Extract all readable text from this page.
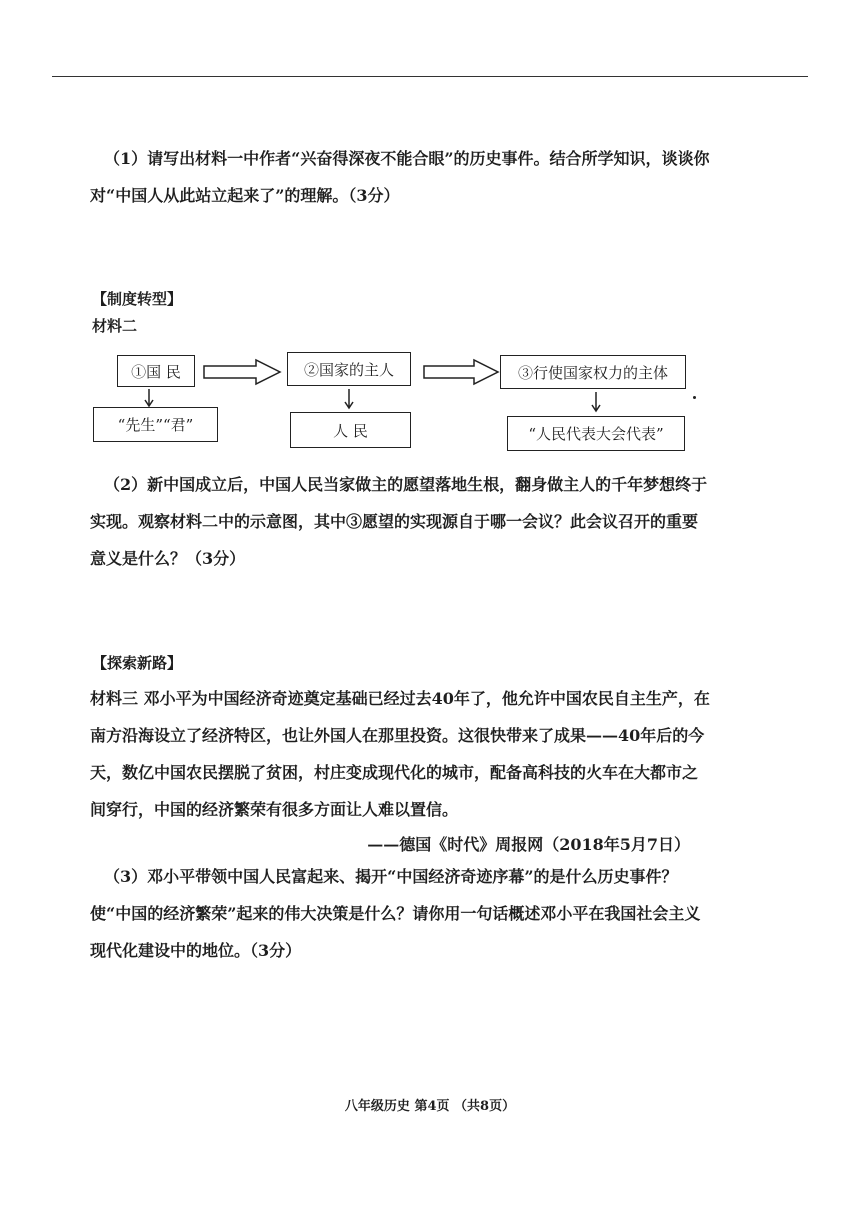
（1）请写出材料一中作者“兴奋得深夜不能合眼”的历史事件。结合所学知识，谈谈你对“中国人从此站立起来了”的理解。（3分）

【制度转型】

材料二

①国 民	②国家的主人	③行使国家权力的主体
“先生”“君”	人 民	“人民代表大会代表”

（2）新中国成立后，中国人民当家做主的愿望落地生根，翻身做主人的千年梦想终于实现。观察材料二中的示意图，其中③愿望的实现源自于哪一会议？此会议召开的重要意义是什么？（3分）

【探索新路】

材料三 邓小平为中国经济奇迹奠定基础已经过去40年了，他允许中国农民自主生产，在南方沿海设立了经济特区，也让外国人在那里投资。这很快带来了成果——40年后的今天，数亿中国农民摆脱了贫困，村庄变成现代化的城市，配备高科技的火车在大都市之间穿行，中国的经济繁荣有很多方面让人难以置信。

——德国《时代》周报网（2018年5月7日）

（3）邓小平带领中国人民富起来、揭开“中国经济奇迹序幕”的是什么历史事件？使“中国的经济繁荣”起来的伟大决策是什么？请你用一句话概述邓小平在我国社会主义现代化建设中的地位。（3分）

八年级历史 第4页 （共8页）
